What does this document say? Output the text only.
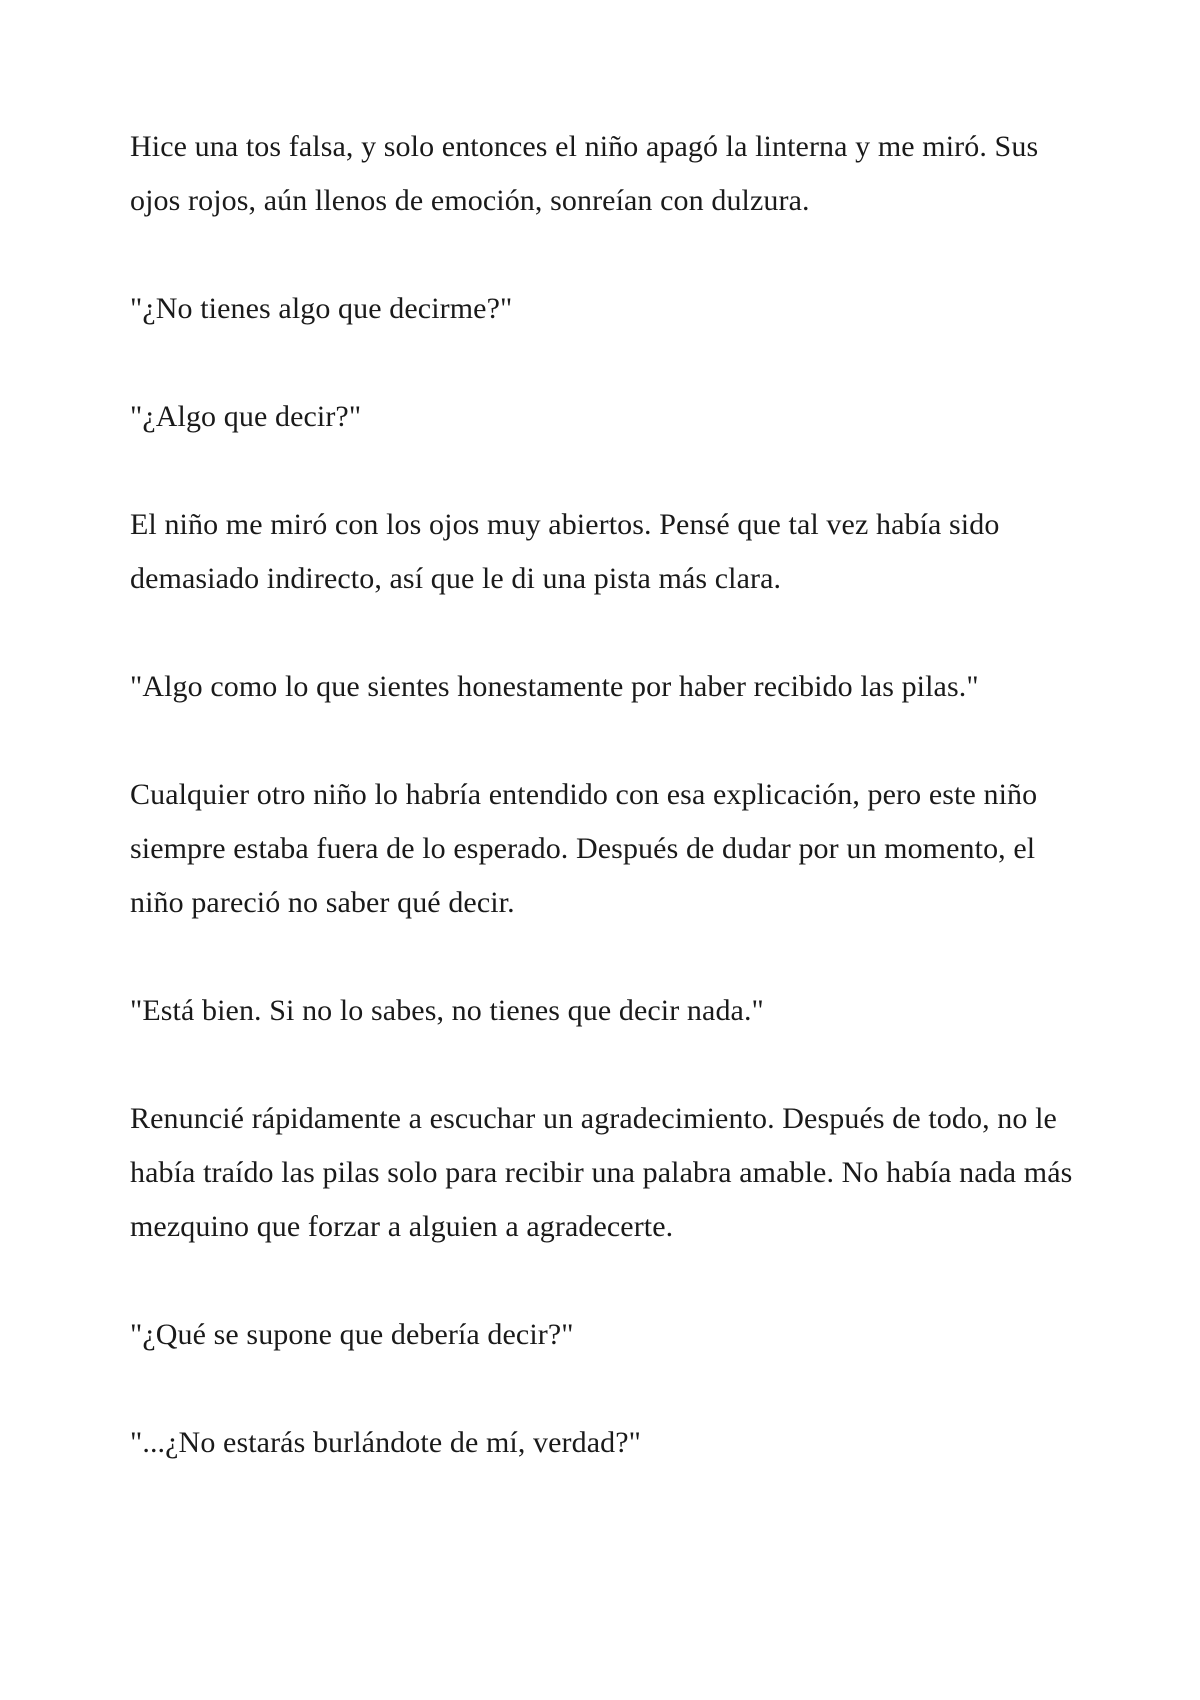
Hice una tos falsa, y solo entonces el niño apagó la linterna y me miró. Sus ojos rojos, aún llenos de emoción, sonreían con dulzura.

"¿No tienes algo que decirme?"

"¿Algo que decir?"

El niño me miró con los ojos muy abiertos. Pensé que tal vez había sido demasiado indirecto, así que le di una pista más clara.

"Algo como lo que sientes honestamente por haber recibido las pilas."

Cualquier otro niño lo habría entendido con esa explicación, pero este niño siempre estaba fuera de lo esperado. Después de dudar por un momento, el niño pareció no saber qué decir.

"Está bien. Si no lo sabes, no tienes que decir nada."

Renuncié rápidamente a escuchar un agradecimiento. Después de todo, no le había traído las pilas solo para recibir una palabra amable. No había nada más mezquino que forzar a alguien a agradecerte.

"¿Qué se supone que debería decir?"

"...¿No estarás burlándote de mí, verdad?"
